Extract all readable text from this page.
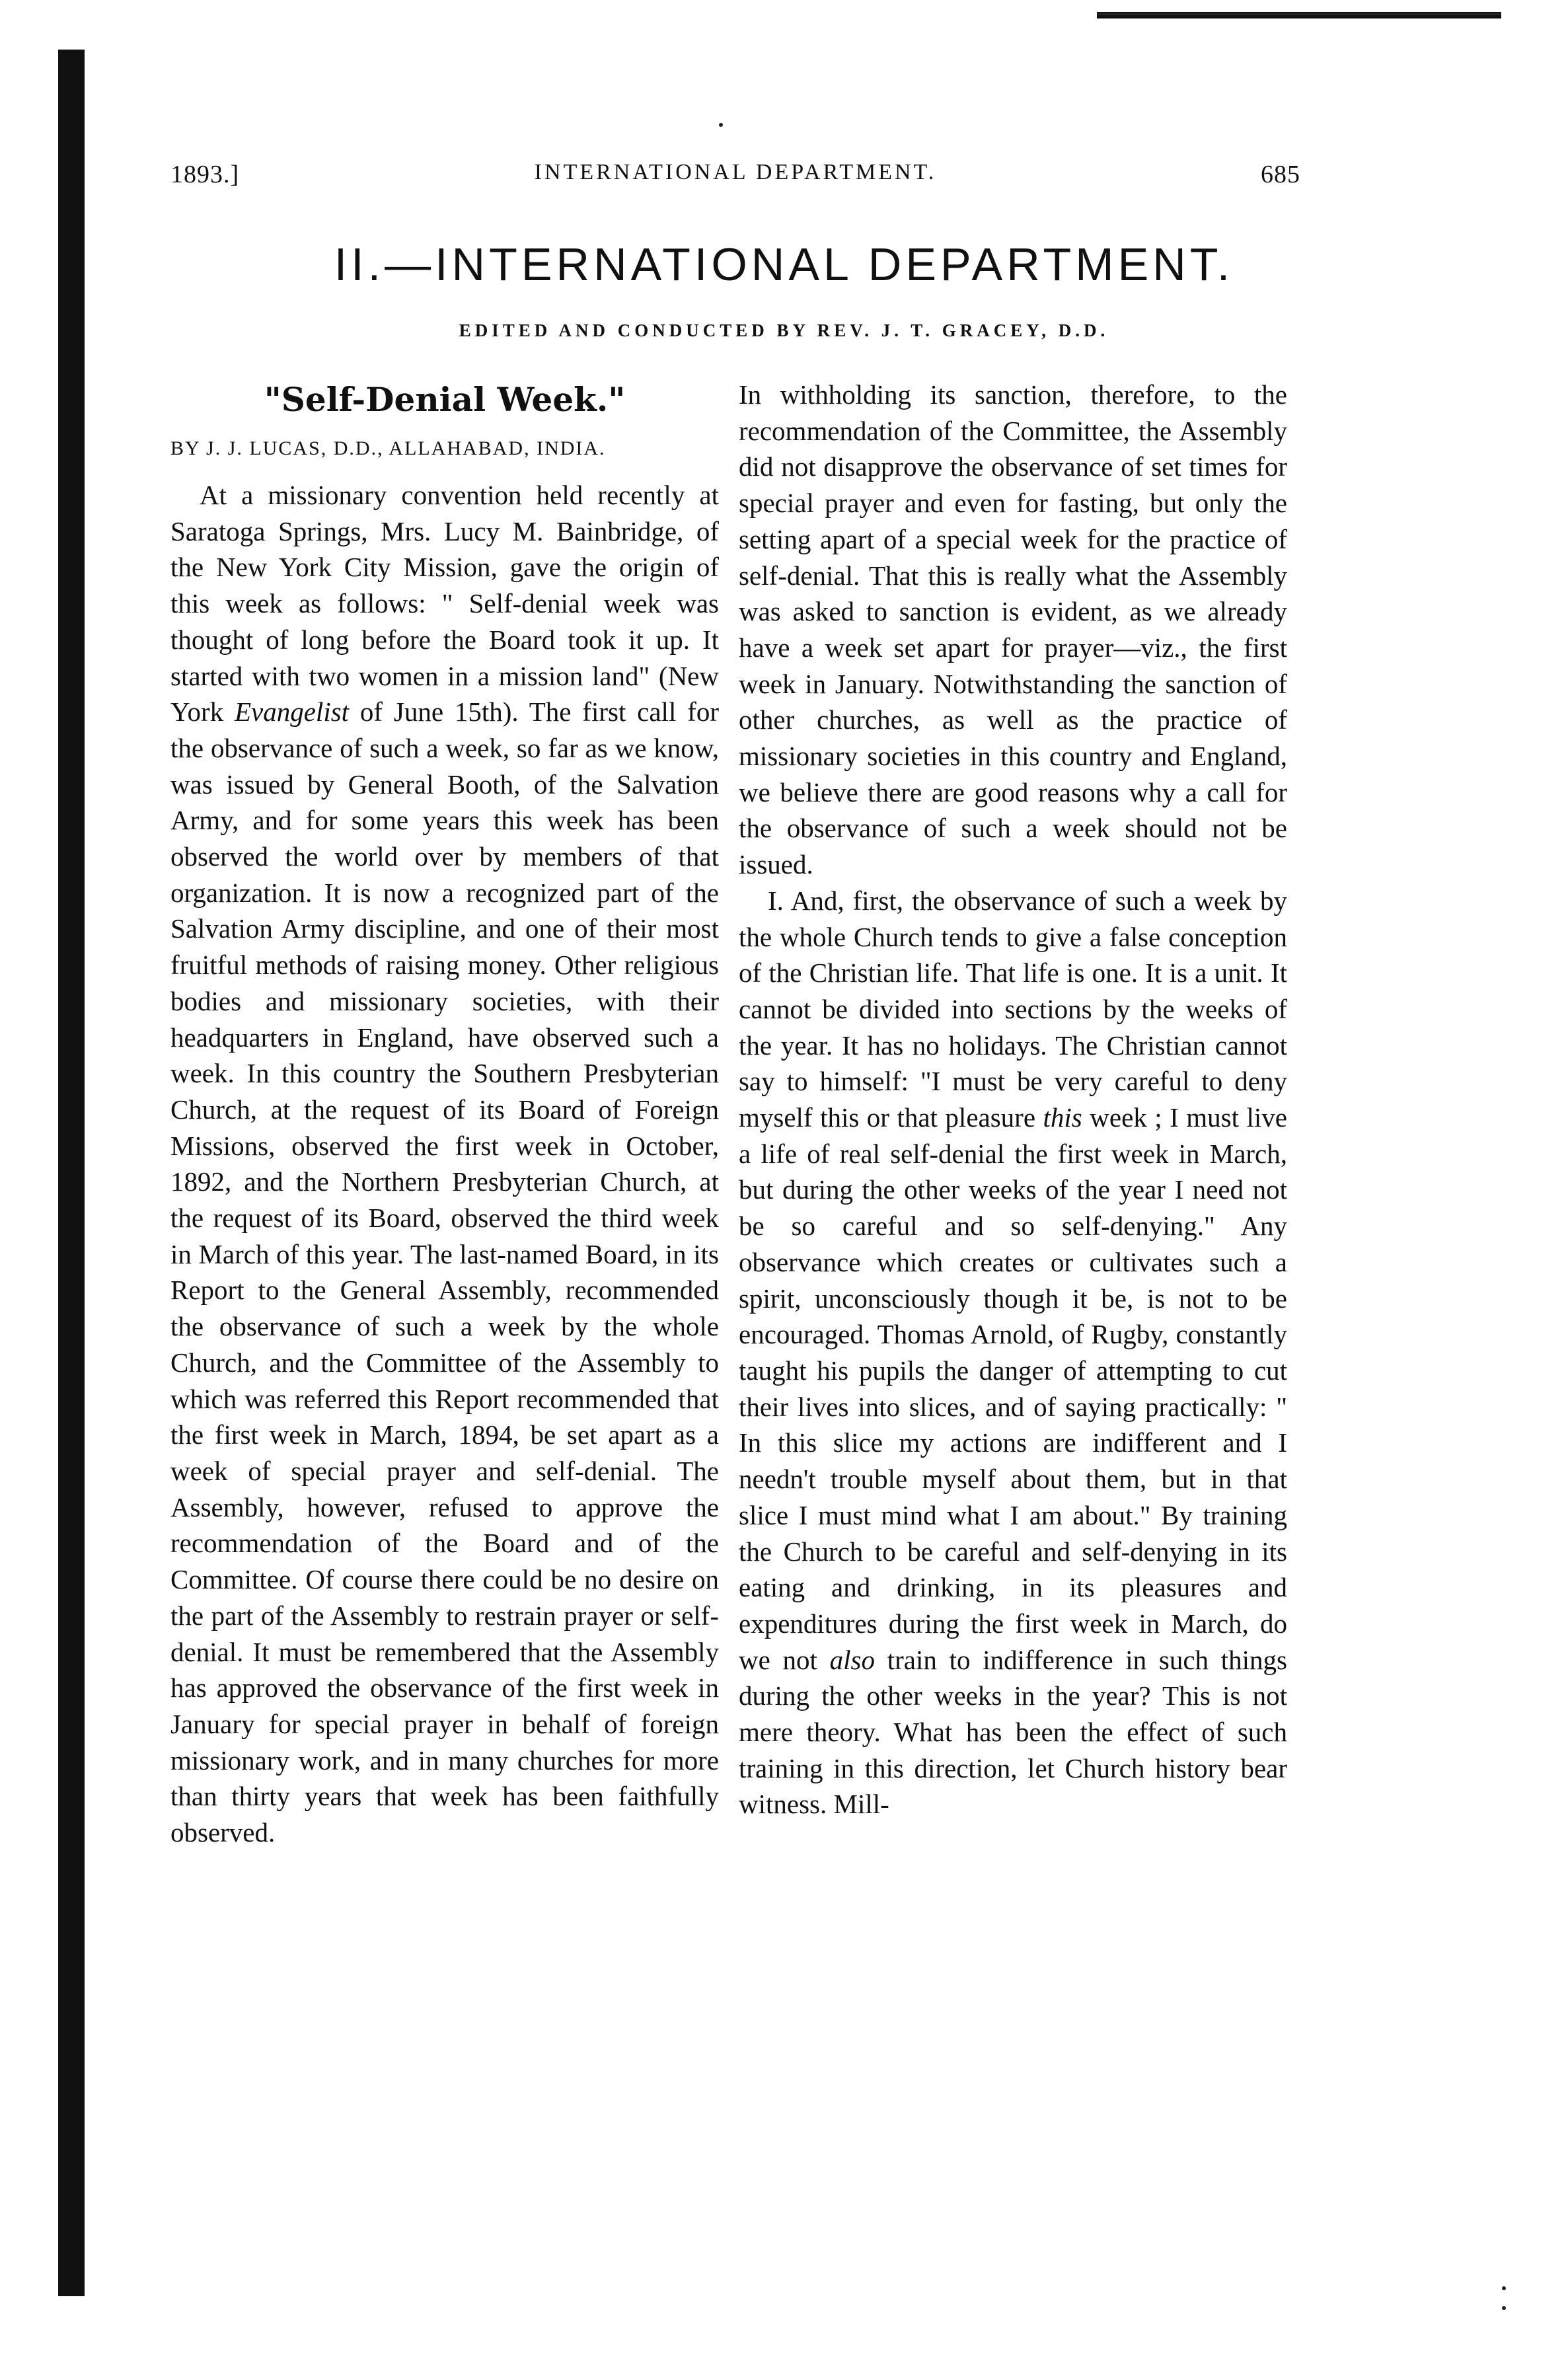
1893.]	INTERNATIONAL DEPARTMENT.	685
II.—INTERNATIONAL DEPARTMENT.
EDITED AND CONDUCTED BY REV. J. T. GRACEY, D.D.
"Self-Denial Week."
BY J. J. LUCAS, D.D., ALLAHABAD, INDIA.

At a missionary convention held recently at Saratoga Springs, Mrs. Lucy M. Bainbridge, of the New York City Mission, gave the origin of this week as follows: " Self-denial week was thought of long before the Board took it up. It started with two women in a mission land" (New York Evangelist of June 15th). The first call for the observance of such a week, so far as we know, was issued by General Booth, of the Salvation Army, and for some years this week has been observed the world over by members of that organization. It is now a recognized part of the Salvation Army discipline, and one of their most fruitful methods of raising money. Other religious bodies and missionary societies, with their headquarters in England, have observed such a week. In this country the Southern Presbyterian Church, at the request of its Board of Foreign Missions, observed the first week in October, 1892, and the Northern Presbyterian Church, at the request of its Board, observed the third week in March of this year. The last-named Board, in its Report to the General Assembly, recommended the observance of such a week by the whole Church, and the Committee of the Assembly to which was referred this Report recommended that the first week in March, 1894, be set apart as a week of special prayer and self-denial. The Assembly, however, refused to approve the recommendation of the Board and of the Committee. Of course there could be no desire on the part of the Assembly to restrain prayer or self-denial. It must be remembered that the Assembly has approved the observance of the first week in January for special prayer in behalf of foreign missionary work, and in many churches for more than thirty years that week has been faithfully observed.

In withholding its sanction, therefore, to the recommendation of the Committee, the Assembly did not disapprove the observance of set times for special prayer and even for fasting, but only the setting apart of a special week for the practice of self-denial. That this is really what the Assembly was asked to sanction is evident, as we already have a week set apart for prayer—viz., the first week in January. Notwithstanding the sanction of other churches, as well as the practice of missionary societies in this country and England, we believe there are good reasons why a call for the observance of such a week should not be issued.

I. And, first, the observance of such a week by the whole Church tends to give a false conception of the Christian life. That life is one. It is a unit. It cannot be divided into sections by the weeks of the year. It has no holidays. The Christian cannot say to himself: "I must be very careful to deny myself this or that pleasure this week ; I must live a life of real self-denial the first week in March, but during the other weeks of the year I need not be so careful and so self-denying." Any observance which creates or cultivates such a spirit, unconsciously though it be, is not to be encouraged. Thomas Arnold, of Rugby, constantly taught his pupils the danger of attempting to cut their lives into slices, and of saying practically: " In this slice my actions are indifferent and I needn't trouble myself about them, but in that slice I must mind what I am about." By training the Church to be careful and self-denying in its eating and drinking, in its pleasures and expenditures during the first week in March, do we not also train to indifference in such things during the other weeks in the year? This is not mere theory. What has been the effect of such training in this direction, let Church history bear witness. Mill-
